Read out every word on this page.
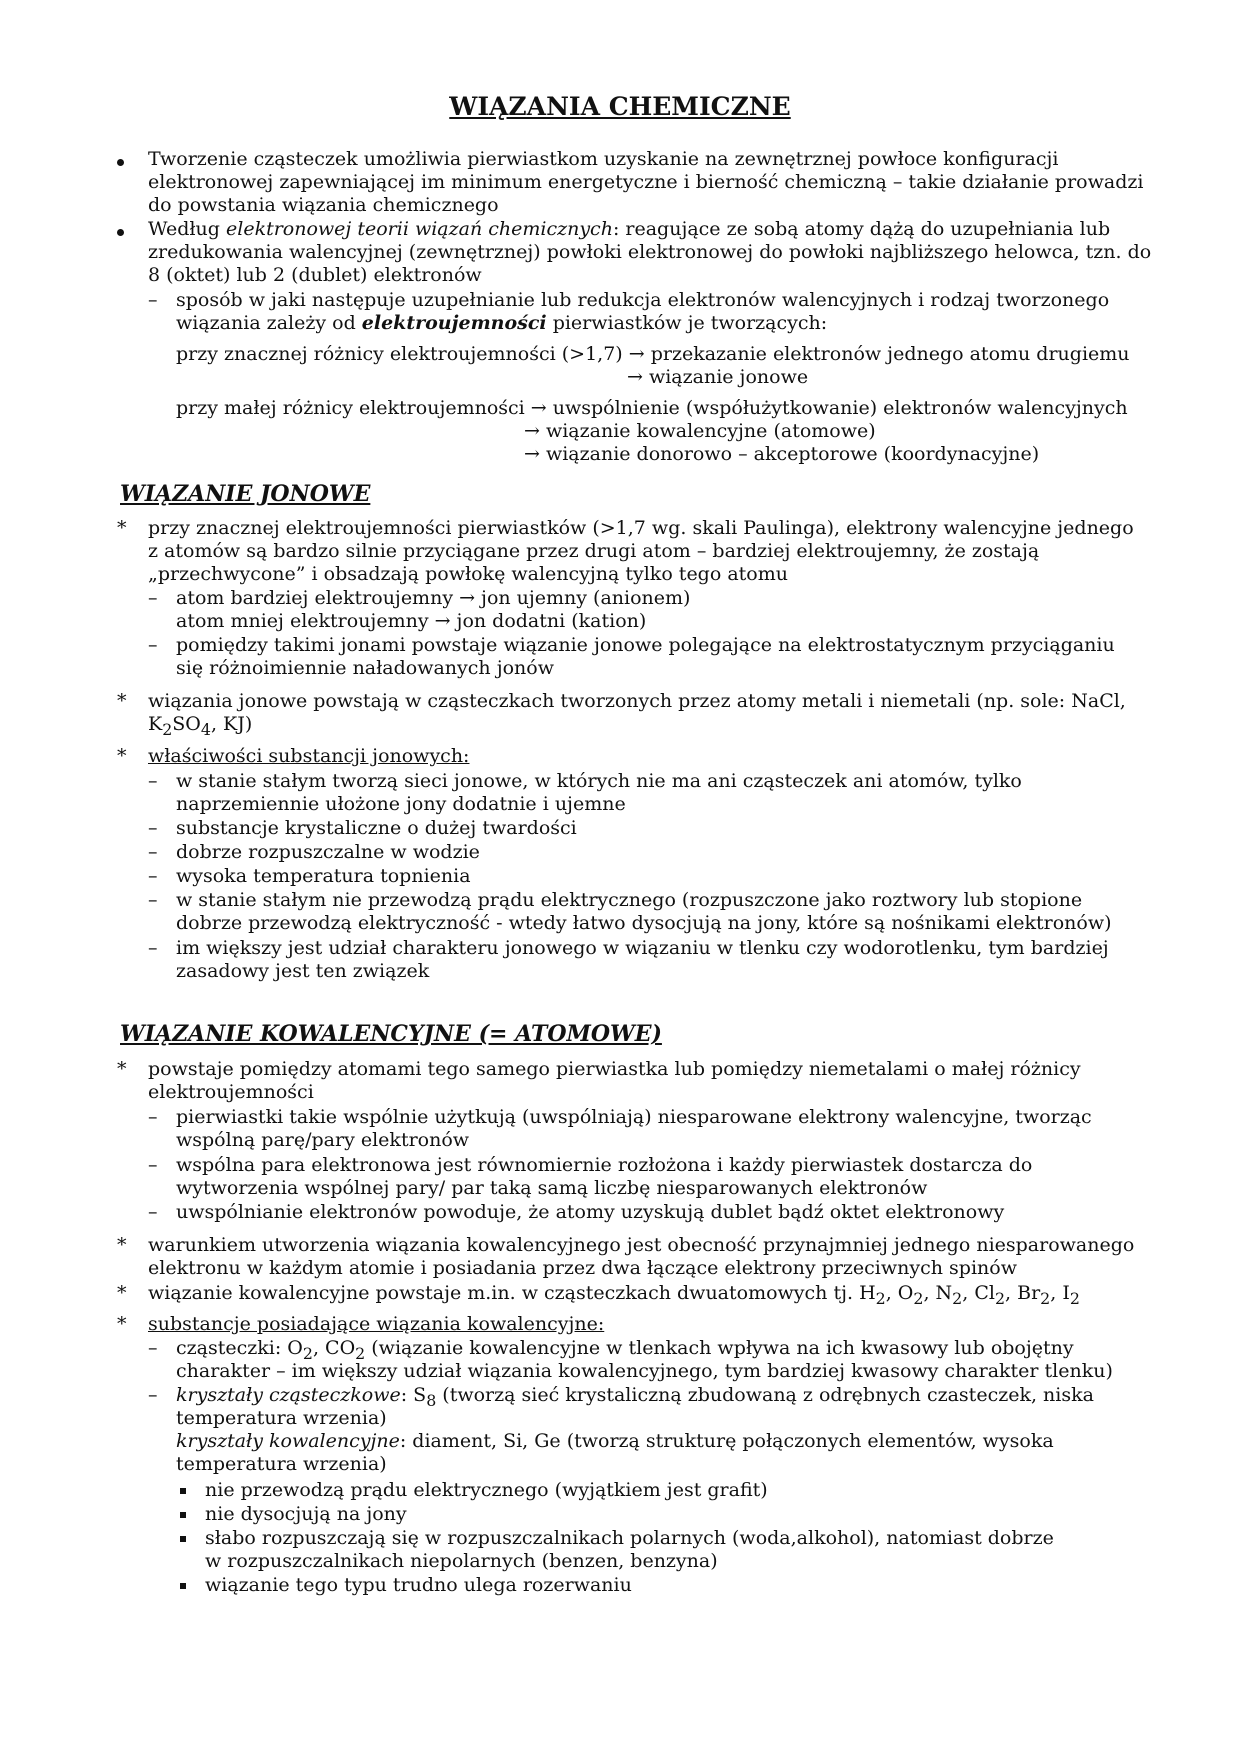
WIĄZANIA CHEMICZNE
Tworzenie cząsteczek umożliwia pierwiastkom uzyskanie na zewnętrznej powłoce konfiguracji
elektronowej zapewniającej im minimum energetyczne i bierność chemiczną – takie działanie prowadzi
do powstania wiązania chemicznego
Według elektronowej teorii wiązań chemicznych: reagujące ze sobą atomy dążą do uzupełniania lub
zredukowania walencyjnej (zewnętrznej) powłoki elektronowej do powłoki najbliższego helowca, tzn. do
8 (oktet) lub 2 (dublet) elektronów
– sposób w jaki następuje uzupełnianie lub redukcja elektronów walencyjnych i rodzaj tworzonego
wiązania zależy od elektroujemności pierwiastków je tworzących:
przy znacznej różnicy elektroujemności (>1,7) → przekazanie elektronów jednego atomu drugiemu
→ wiązanie jonowe
przy małej różnicy elektroujemności → uwspólnienie (współużytkowanie) elektronów walencyjnych
→ wiązanie kowalencyjne (atomowe)
→ wiązanie donorowo – akceptorowe (koordynacyjne)
WIĄZANIE JONOWE
* przy znacznej elektroujemności pierwiastków (>1,7 wg. skali Paulinga), elektrony walencyjne jednego
z atomów są bardzo silnie przyciągane przez drugi atom – bardziej elektroujemny, że zostają
„przechwycone” i obsadzają powłokę walencyjną tylko tego atomu
– atom bardziej elektroujemny → jon ujemny (anionem)
atom mniej elektroujemny → jon dodatni (kation)
– pomiędzy takimi jonami powstaje wiązanie jonowe polegające na elektrostatycznym przyciąganiu
się różnoimiennie naładowanych jonów
* wiązania jonowe powstają w cząsteczkach tworzonych przez atomy metali i niemetali (np. sole: NaCl,
$K_2SO_4$, KJ)
* właściwości substancji jonowych:
– w stanie stałym tworzą sieci jonowe, w których nie ma ani cząsteczek ani atomów, tylko
naprzemiennie ułożone jony dodatnie i ujemne
– substancje krystaliczne o dużej twardości
– dobrze rozpuszczalne w wodzie
– wysoka temperatura topnienia
– w stanie stałym nie przewodzą prądu elektrycznego (rozpuszczone jako roztwory lub stopione
dobrze przewodzą elektryczność - wtedy łatwo dysocjują na jony, które są nośnikami elektronów)
– im większy jest udział charakteru jonowego w wiązaniu w tlenku czy wodorotlenku, tym bardziej
zasadowy jest ten związek
WIĄZANIE KOWALENCYJNE (= ATOMOWE)
* powstaje pomiędzy atomami tego samego pierwiastka lub pomiędzy niemetalami o małej różnicy
elektroujemności
– pierwiastki takie wspólnie użytkują (uwspólniają) niesparowane elektrony walencyjne, tworząc
wspólną parę/pary elektronów
– wspólna para elektronowa jest równomiernie rozłożona i każdy pierwiastek dostarcza do
wytworzenia wspólnej pary/ par taką samą liczbę niesparowanych elektronów
– uwspólnianie elektronów powoduje, że atomy uzyskują dublet bądź oktet elektronowy
* warunkiem utworzenia wiązania kowalencyjnego jest obecność przynajmniej jednego niesparowanego
elektronu w każdym atomie i posiadania przez dwa łączące elektrony przeciwnych spinów
* wiązanie kowalencyjne powstaje m.in. w cząsteczkach dwuatomowych tj. $H_2$, $O_2$, $N_2$, $Cl_2$, $Br_2$, $I_2$
* substancje posiadające wiązania kowalencyjne:
– cząsteczki: $O_2$, $CO_2$ (wiązanie kowalencyjne w tlenkach wpływa na ich kwasowy lub obojętny
charakter – im większy udział wiązania kowalencyjnego, tym bardziej kwasowy charakter tlenku)
– kryształy cząsteczkowe: $S_8$ (tworzą sieć krystaliczną zbudowaną z odrębnych czasteczek, niska
temperatura wrzenia)
kryształy kowalencyjne: diament, Si, Ge (tworzą strukturę połączonych elementów, wysoka
temperatura wrzenia)
nie przewodzą prądu elektrycznego (wyjątkiem jest grafit)
nie dysocjują na jony
słabo rozpuszczają się w rozpuszczalnikach polarnych (woda,alkohol), natomiast dobrze
w rozpuszczalnikach niepolarnych (benzen, benzyna)
wiązanie tego typu trudno ulega rozerwaniu
